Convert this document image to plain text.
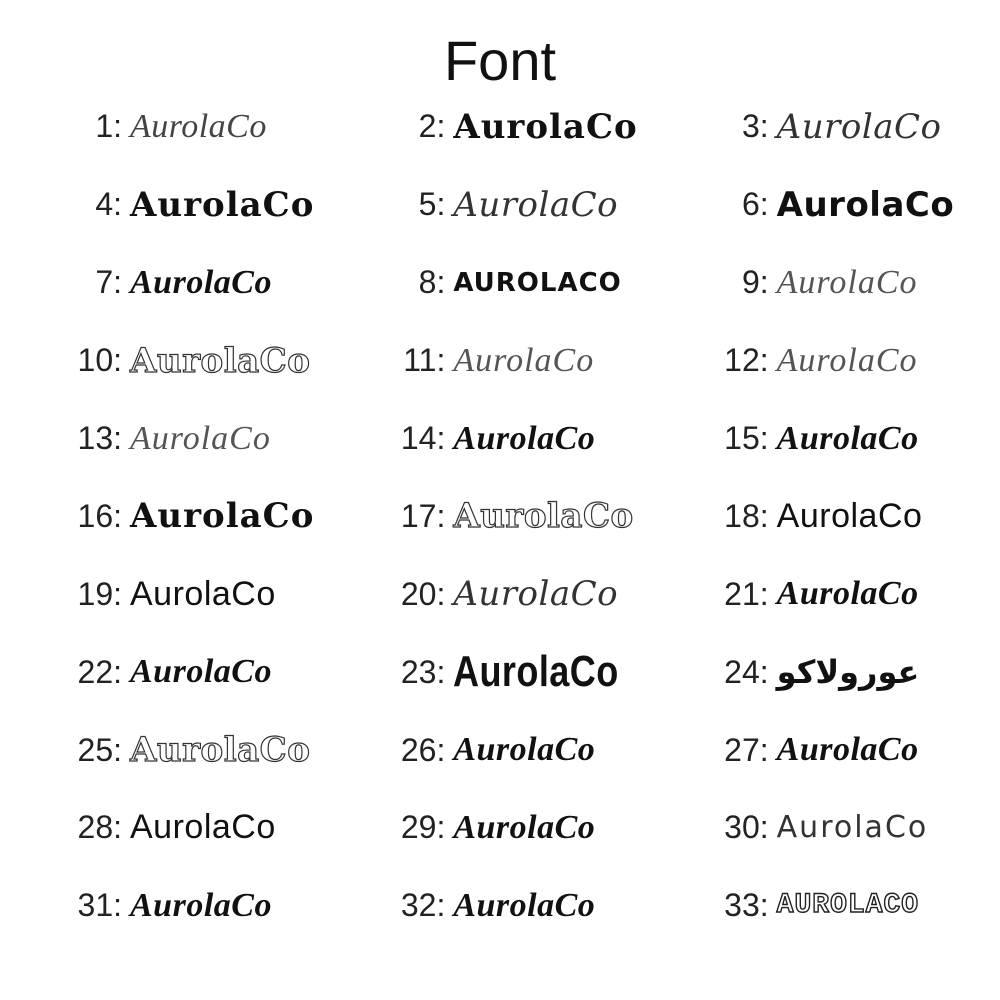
Font
1: AurolaCo	2: AurolaCo	3: AurolaCo
4: AurolaCo	5: AurolaCo	6: AurolaCo
7: AurolaCo	8: AUROLACO	9: AurolaCo
10: AurolaCo	11: AurolaCo	12: AurolaCo
13: AurolaCo	14: AurolaCo	15: AurolaCo
16: AurolaCo	17: AurolaCo	18: AurolaCo
19: AurolaCo	20: AurolaCo	21: AurolaCo
22: AurolaCo	23: AurolaCo	24: ﻋﻮﺭﻭﻻﻛﻮ
25: AurolaCo	26: AurolaCo	27: AurolaCo
28: AurolaCo	29: AurolaCo	30: AurolaCo
31: AurolaCo	32: AurolaCo	33: AUROLACO
